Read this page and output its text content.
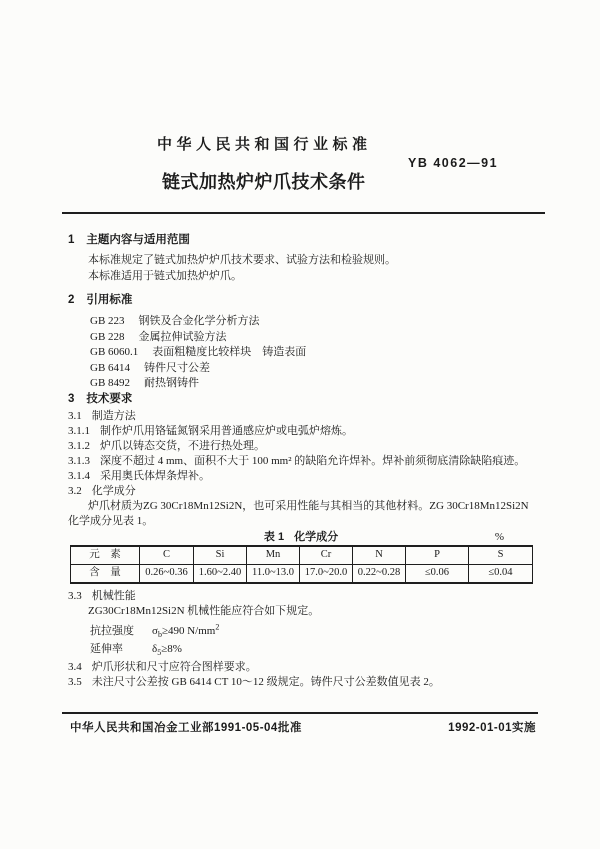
中华人民共和国行业标准
YB 4062—91
链式加热炉炉爪技术条件
1 主题内容与适用范围

本标准规定了链式加热炉炉爪技术要求、试验方法和检验规则。

本标准适用于链式加热炉炉爪。

2 引用标准
GB 223 钢铁及合金化学分析方法
GB 228 金属拉伸试验方法
GB 6060.1 表面粗糙度比较样块　铸造表面
GB 6414 铸件尺寸公差
GB 8492 耐热钢铸件
3 技术要求
3.1 制造方法
3.1.1 制作炉爪用铬锰氮钢采用普通感应炉或电弧炉熔炼。
3.1.2 炉爪以铸态交货，不进行热处理。
3.1.3 深度不超过 4 mm、面积不大于 100 mm² 的缺陷允许焊补。焊补前须彻底清除缺陷痕迹。
3.1.4 采用奥氏体焊条焊补。
3.2 化学成分

炉爪材质为ZG 30Cr18Mn12Si2N，也可采用性能与其相当的其他材料。ZG 30Cr18Mn12Si2N 化学成分见表 1。

表 1 化学成分	%
元　素	C	Si	Mn	Cr	N	P	S
含　量	0.26~0.36	1.60~2.40	11.0~13.0	17.0~20.0	0.22~0.28	≤0.06	≤0.04
3.3 机械性能

ZG30Cr18Mn12Si2N 机械性能应符合如下规定。

抗拉强度 $\sigma_b\ge 490$ $N/mm^2$
延伸率	$\delta_5\ge 8\%$
3.4 炉爪形状和尺寸应符合图样要求。
3.5 未注尺寸公差按 GB 6414 CT 10～12 级规定。铸件尺寸公差数值见表 2。
中华人民共和国冶金工业部1991-05-04批准	1992-01-01实施
